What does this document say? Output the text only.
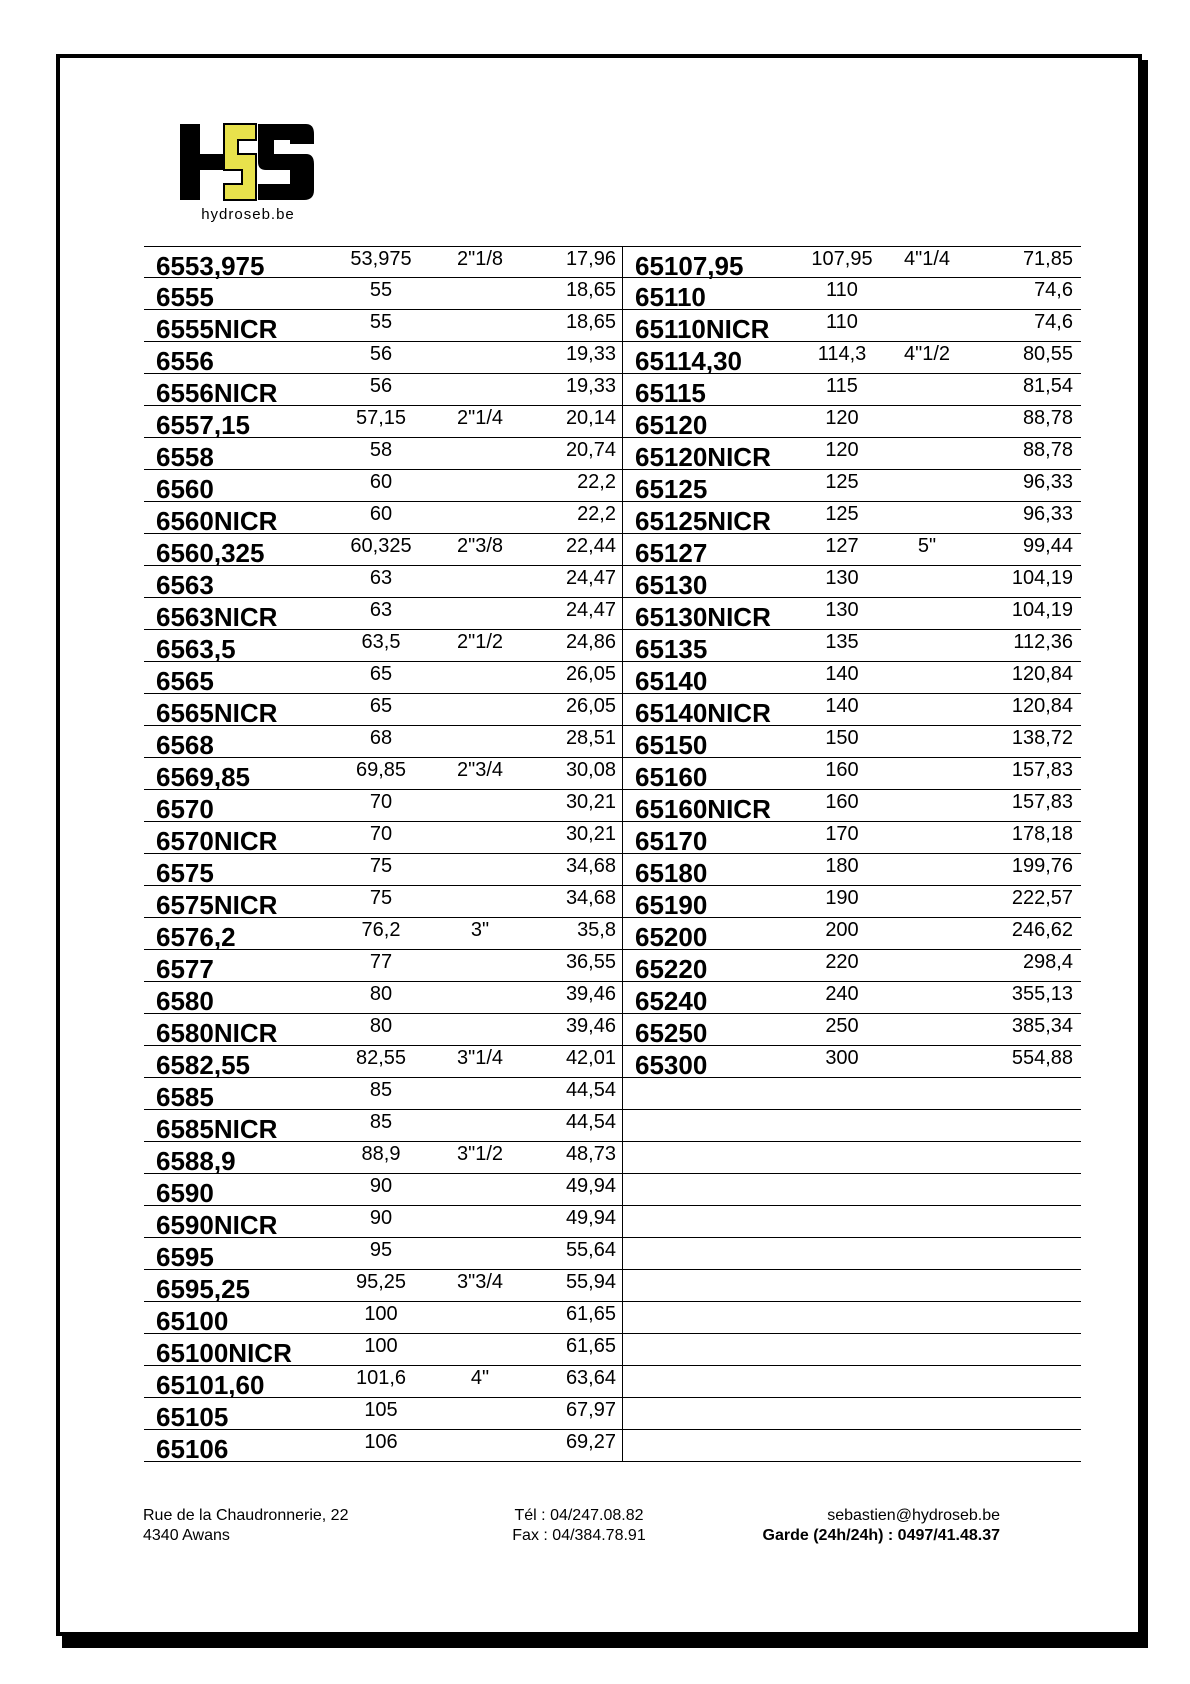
hydroseb.be
6553,975	53,975	2"1/8	17,96
6555	55	18,65
6555NICR	55	18,65
6556	56	19,33
6556NICR	56	19,33
6557,15	57,15	2"1/4	20,14
6558	58	20,74
6560	60	22,2
6560NICR	60	22,2
6560,325	60,325	2"3/8	22,44
6563	63	24,47
6563NICR	63	24,47
6563,5	63,5	2"1/2	24,86
6565	65	26,05
6565NICR	65	26,05
6568	68	28,51
6569,85	69,85	2"3/4	30,08
6570	70	30,21
6570NICR	70	30,21
6575	75	34,68
6575NICR	75	34,68
6576,2	76,2	3"	35,8
6577	77	36,55
6580	80	39,46
6580NICR	80	39,46
6582,55	82,55	3"1/4	42,01
6585	85	44,54
6585NICR	85	44,54
6588,9	88,9	3"1/2	48,73
6590	90	49,94
6590NICR	90	49,94
6595	95	55,64
6595,25	95,25	3"3/4	55,94
65100	100	61,65
65100NICR	100	61,65
65101,60	101,6	4"	63,64
65105	105	67,97
65106	106	69,27
65107,95	107,95	4"1/4	71,85
65110	110	74,6
65110NICR	110	74,6
65114,30	114,3	4"1/2	80,55
65115	115	81,54
65120	120	88,78
65120NICR	120	88,78
65125	125	96,33
65125NICR	125	96,33
65127	127	5"	99,44
65130	130	104,19
65130NICR	130	104,19
65135	135	112,36
65140	140	120,84
65140NICR	140	120,84
65150	150	138,72
65160	160	157,83
65160NICR	160	157,83
65170	170	178,18
65180	180	199,76
65190	190	222,57
65200	200	246,62
65220	220	298,4
65240	240	355,13
65250	250	385,34
65300	300	554,88
Rue de la Chaudronnerie, 22
4340 Awans
Tél : 04/247.08.82
Fax : 04/384.78.91
sebastien@hydroseb.be
Garde (24h/24h) : 0497/41.48.37
